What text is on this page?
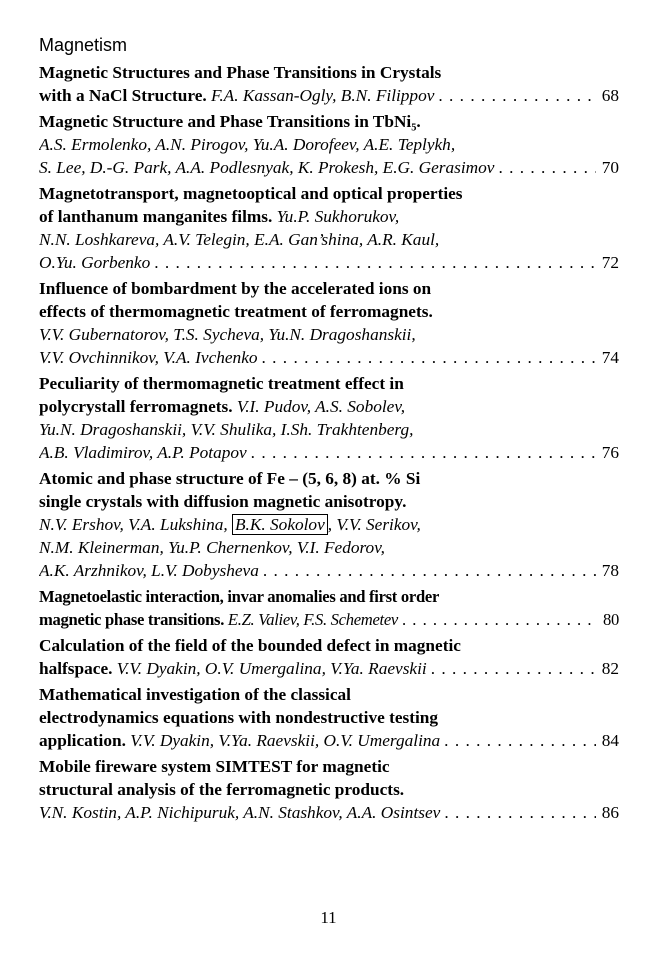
Magnetism
Magnetic Structures and Phase Transitions in Crystals
with a NaCl Structure. F.A. Kassan-Ogly, B.N. Filippov . . .	68
Magnetic Structure and Phase Transitions in TbNi₅.
A.S. Ermolenko, A.N. Pirogov, Yu.A. Dorofeev, A.E. Teplykh,
S. Lee, D.-G. Park, A.A. Podlesnyak, K. Prokesh, E.G. Gerasimov . . .	70
Magnetotransport, magnetooptical and optical properties
of lanthanum manganites films. Yu.P. Sukhorukov,
N.N. Loshkareva, A.V. Telegin, E.A. Gan’shina, A.R. Kaul,
O.Yu. Gorbenko . . .	72
Influence of bombardment by the accelerated ions on
effects of thermomagnetic treatment of ferromagnets.
V.V. Gubernatorov, T.S. Sycheva, Yu.N. Dragoshanskii,
V.V. Ovchinnikov, V.A. Ivchenko . . .	74
Peculiarity of thermomagnetic treatment effect in
polycrystall ferromagnets. V.I. Pudov, A.S. Sobolev,
Yu.N. Dragoshanskii, V.V. Shulika, I.Sh. Trakhtenberg,
A.B. Vladimirov, A.P. Potapov . . .	76
Atomic and phase structure of Fe – (5, 6, 8) at. % Si
single crystals with diffusion magnetic anisotropy.
N.V. Ershov, V.A. Lukshina, B.K. Sokolov , V.V. Serikov,
N.M. Kleinerman, Yu.P. Chernenkov, V.I. Fedorov,
A.K. Arzhnikov, L.V. Dobysheva . . .	78
Magnetoelastic interaction, invar anomalies and first order
magnetic phase transitions. E.Z. Valiev, F.S. Schemetev . . .	80
Calculation of the field of the bounded defect in magnetic
halfspace. V.V. Dyakin, O.V. Umergalina, V.Ya. Raevskii . . .	82
Mathematical investigation of the classical
electrodynamics equations with nondestructive testing
application. V.V. Dyakin, V.Ya. Raevskii, O.V. Umergalina . . .	84
Mobile fireware system SIMTEST for magnetic
structural analysis of the ferromagnetic products.
V.N. Kostin, A.P. Nichipuruk, A.N. Stashkov, A.A. Osintsev . . .	86
11
